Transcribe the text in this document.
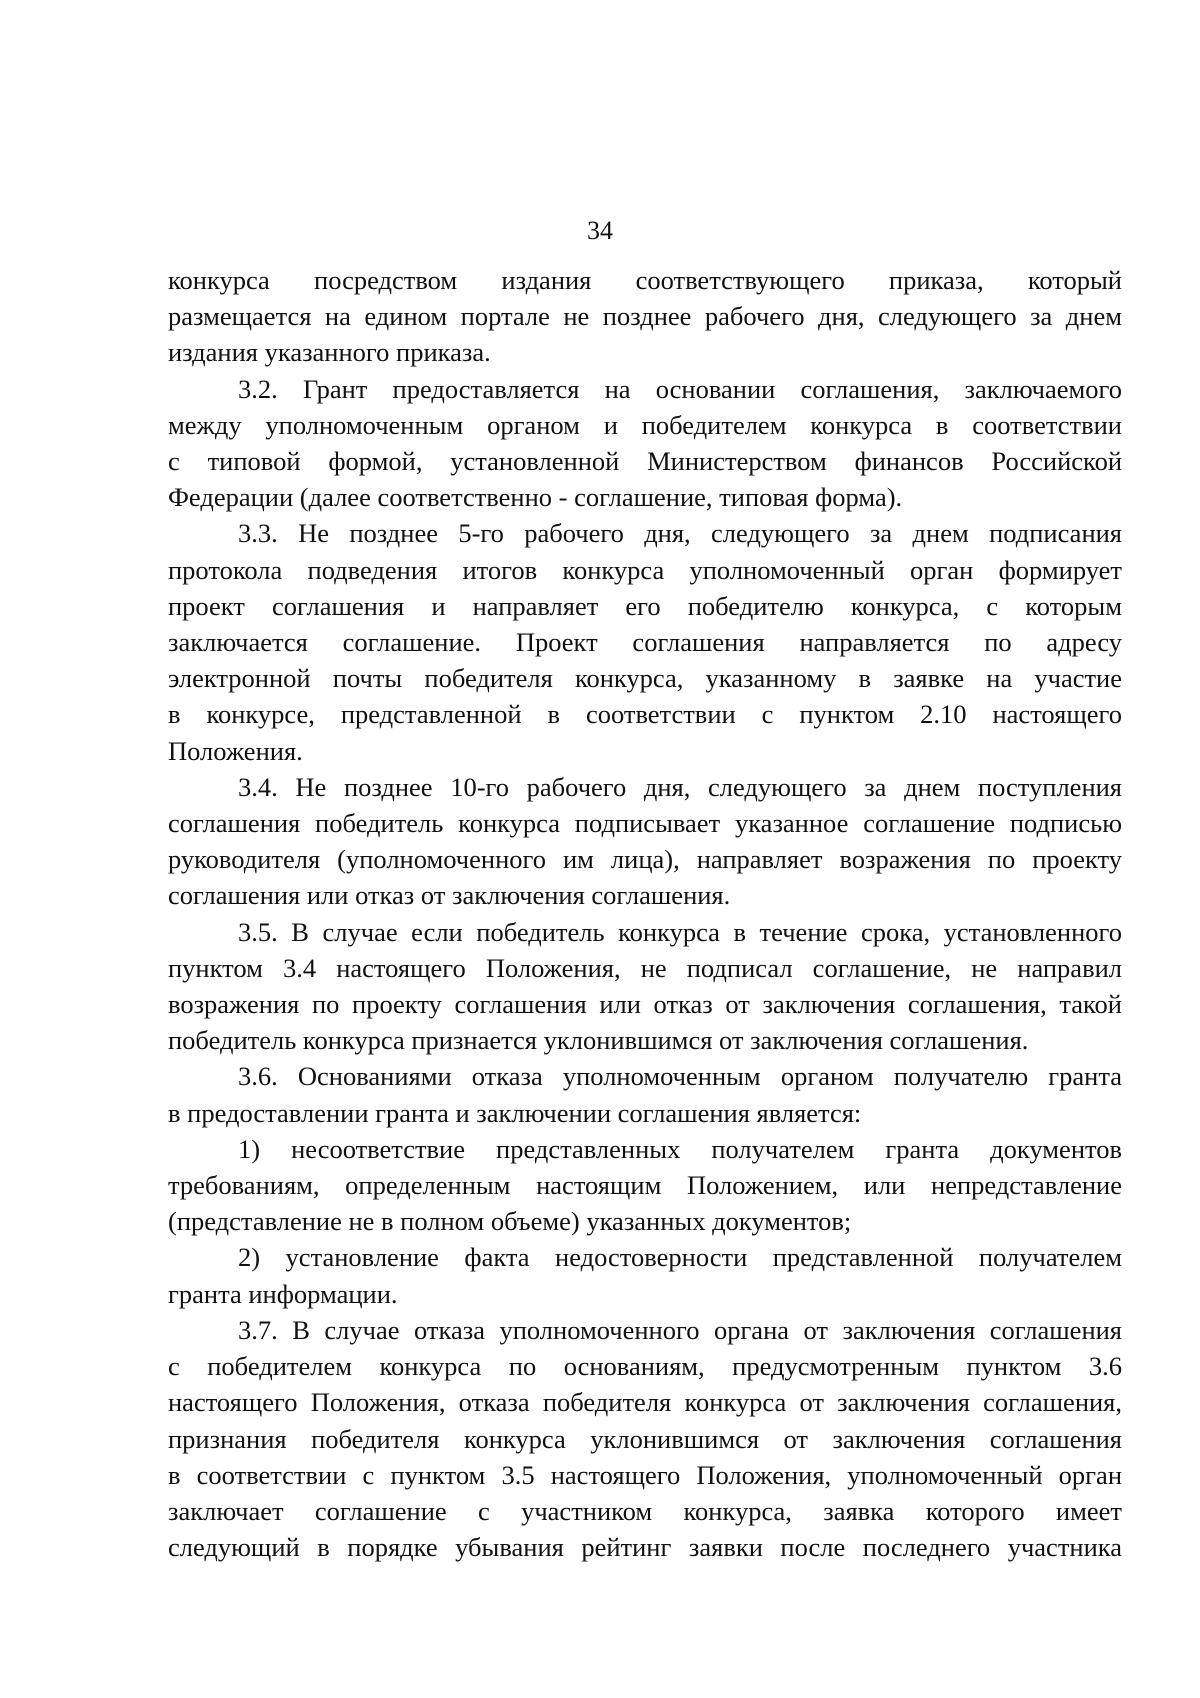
34
конкурса посредством издания соответствующего приказа, который
размещается на едином портале не позднее рабочего дня, следующего за днем
издания указанного приказа.
3.2. Грант предоставляется на основании соглашения, заключаемого
между уполномоченным органом и победителем конкурса в соответствии
с типовой формой, установленной Министерством финансов Российской
Федерации (далее соответственно - соглашение, типовая форма).
3.3. Не позднее 5-го рабочего дня, следующего за днем подписания
протокола подведения итогов конкурса уполномоченный орган формирует
проект соглашения и направляет его победителю конкурса, с которым
заключается соглашение. Проект соглашения направляется по адресу
электронной почты победителя конкурса, указанному в заявке на участие
в конкурсе, представленной в соответствии с пунктом 2.10 настоящего
Положения.
3.4. Не позднее 10-го рабочего дня, следующего за днем поступления
соглашения победитель конкурса подписывает указанное соглашение подписью
руководителя (уполномоченного им лица), направляет возражения по проекту
соглашения или отказ от заключения соглашения.
3.5. В случае если победитель конкурса в течение срока, установленного
пунктом 3.4 настоящего Положения, не подписал соглашение, не направил
возражения по проекту соглашения или отказ от заключения соглашения, такой
победитель конкурса признается уклонившимся от заключения соглашения.
3.6. Основаниями отказа уполномоченным органом получателю гранта
в предоставлении гранта и заключении соглашения является:
1) несоответствие представленных получателем гранта документов
требованиям, определенным настоящим Положением, или непредставление
(представление не в полном объеме) указанных документов;
2) установление факта недостоверности представленной получателем
гранта информации.
3.7. В случае отказа уполномоченного органа от заключения соглашения
с победителем конкурса по основаниям, предусмотренным пунктом 3.6
настоящего Положения, отказа победителя конкурса от заключения соглашения,
признания победителя конкурса уклонившимся от заключения соглашения
в соответствии с пунктом 3.5 настоящего Положения, уполномоченный орган
заключает соглашение с участником конкурса, заявка которого имеет
следующий в порядке убывания рейтинг заявки после последнего участника
